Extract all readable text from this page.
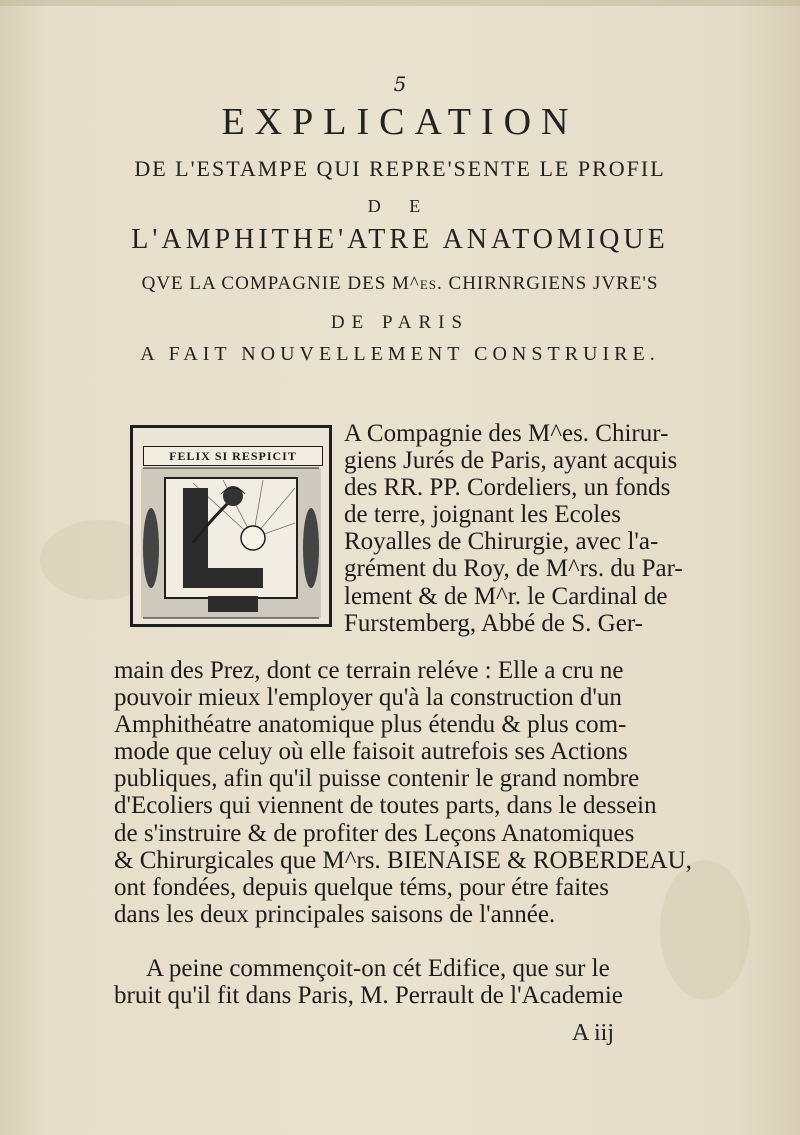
5
EXPLICATION
DE L'ESTAMPE QUI REPRE'SENTE LE PROFIL
D E
L'AMPHITHE'ATRE ANATOMIQUE
QVE LA COMPAGNIE DES M^es. CHIRNRGIENS JVRE'S
DE PARIS
A FAIT NOUVELLEMENT CONSTRUIRE.
FELIX SI RESPICIT
A Compagnie des M^es. Chirur-
giens Jurés de Paris, ayant acquis
des RR. PP. Cordeliers, un fonds
de terre, joignant les Ecoles
Royalles de Chirurgie, avec l'a-
grément du Roy, de M^rs. du Par-
lement & de M^r. le Cardinal de
Furstemberg, Abbé de S. Ger-
main des Prez, dont ce terrain reléve : Elle a cru ne
pouvoir mieux l'employer qu'à la construction d'un
Amphithéatre anatomique plus étendu & plus com-
mode que celuy où elle faisoit autrefois ses Actions
publiques, afin qu'il puisse contenir le grand nombre
d'Ecoliers qui viennent de toutes parts, dans le dessein
de s'instruire & de profiter des Leçons Anatomiques
& Chirurgicales que M^rs. BIENAISE & ROBERDEAU,
ont fondées, depuis quelque téms, pour étre faites
dans les deux principales saisons de l'année.
A peine commençoit-on cét Edifice, que sur le
bruit qu'il fit dans Paris, M. Perrault de l'Academie
A iij
